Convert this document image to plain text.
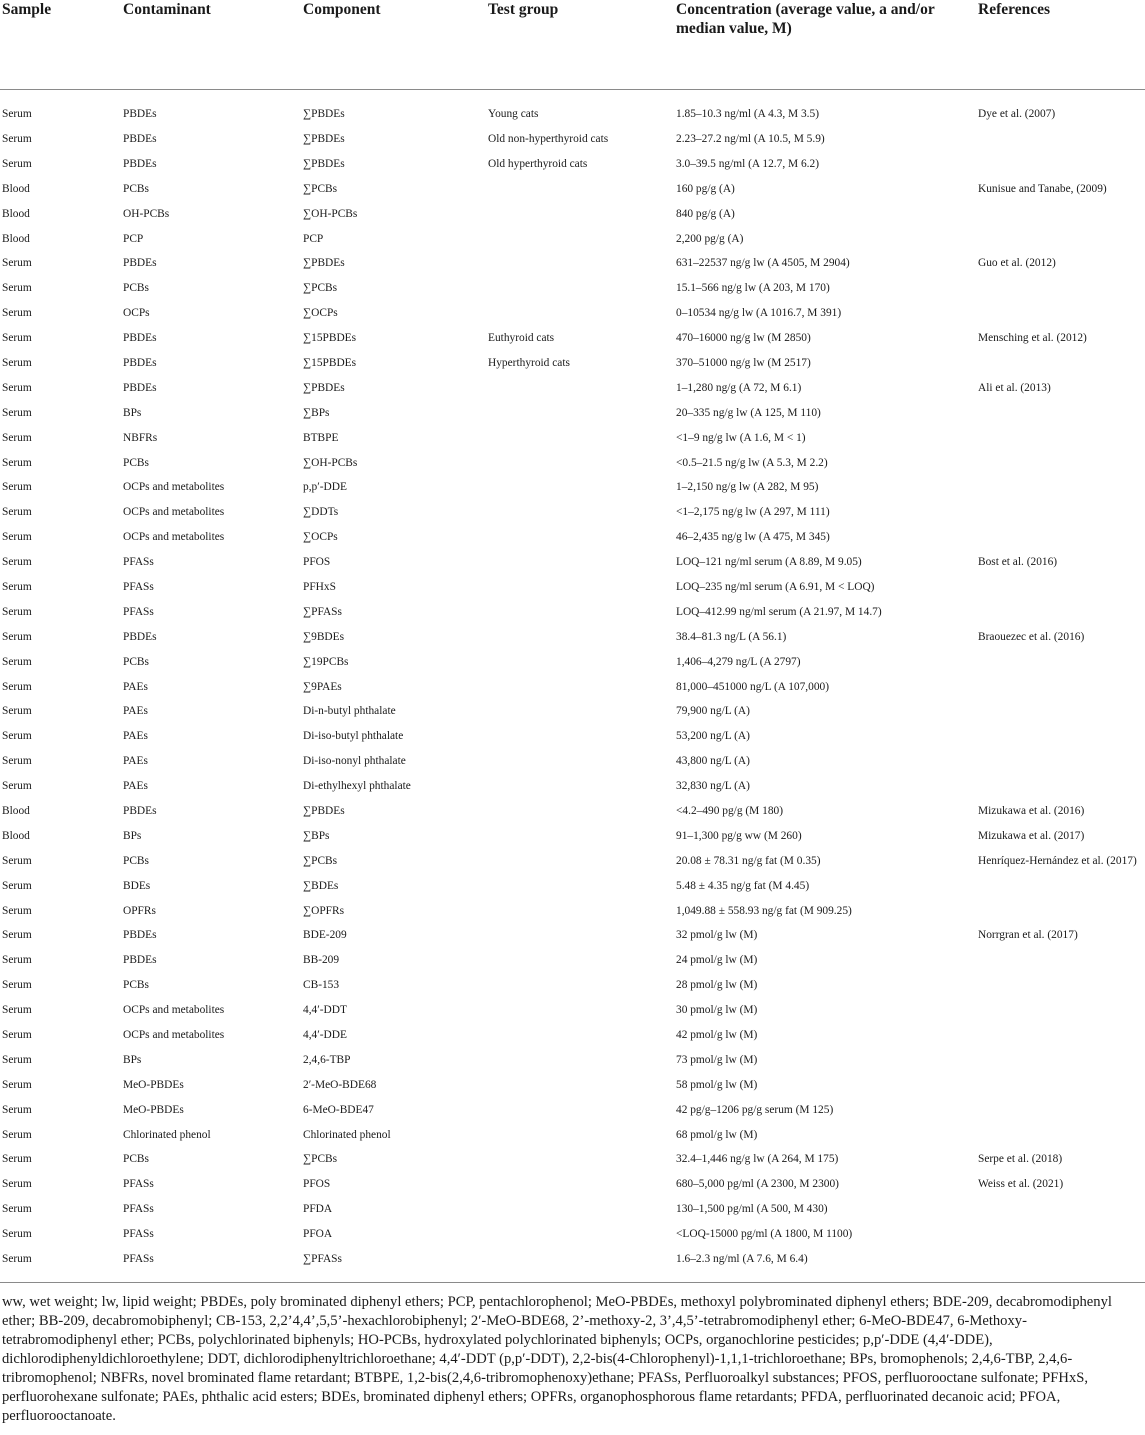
Sample	Contaminant	Component	Test group	Concentration (average value, a and/or median value, M)	References
Serum	PBDEs	∑PBDEs	Young cats	1.85–10.3 ng/ml (A 4.3, M 3.5)	Dye et al. (2007)
Serum	PBDEs	∑PBDEs	Old non-hyperthyroid cats	2.23–27.2 ng/ml (A 10.5, M 5.9)	
Serum	PBDEs	∑PBDEs	Old hyperthyroid cats	3.0–39.5 ng/ml (A 12.7, M 6.2)	
Blood	PCBs	∑PCBs		160 pg/g (A)	Kunisue and Tanabe, (2009)
Blood	OH-PCBs	∑OH-PCBs		840 pg/g (A)	
Blood	PCP	PCP		2,200 pg/g (A)	
Serum	PBDEs	∑PBDEs		631–22537 ng/g lw (A 4505, M 2904)	Guo et al. (2012)
Serum	PCBs	∑PCBs		15.1–566 ng/g lw (A 203, M 170)	
Serum	OCPs	∑OCPs		0–10534 ng/g lw (A 1016.7, M 391)	
Serum	PBDEs	∑15PBDEs	Euthyroid cats	470–16000 ng/g lw (M 2850)	Mensching et al. (2012)
Serum	PBDEs	∑15PBDEs	Hyperthyroid cats	370–51000 ng/g lw (M 2517)	
Serum	PBDEs	∑PBDEs		1–1,280 ng/g (A 72, M 6.1)	Ali et al. (2013)
Serum	BPs	∑BPs		20–335 ng/g lw (A 125, M 110)	
Serum	NBFRs	BTBPE		<1–9 ng/g lw (A 1.6, M < 1)	
Serum	PCBs	∑OH-PCBs		<0.5–21.5 ng/g lw (A 5.3, M 2.2)	
Serum	OCPs and metabolites	p,p′-DDE		1–2,150 ng/g lw (A 282, M 95)	
Serum	OCPs and metabolites	∑DDTs		<1–2,175 ng/g lw (A 297, M 111)	
Serum	OCPs and metabolites	∑OCPs		46–2,435 ng/g lw (A 475, M 345)	
Serum	PFASs	PFOS		LOQ–121 ng/ml serum (A 8.89, M 9.05)	Bost et al. (2016)
Serum	PFASs	PFHxS		LOQ–235 ng/ml serum (A 6.91, M < LOQ)	
Serum	PFASs	∑PFASs		LOQ–412.99 ng/ml serum (A 21.97, M 14.7)	
Serum	PBDEs	∑9BDEs		38.4–81.3 ng/L (A 56.1)	Braouezec et al. (2016)
Serum	PCBs	∑19PCBs		1,406–4,279 ng/L (A 2797)	
Serum	PAEs	∑9PAEs		81,000–451000 ng/L (A 107,000)	
Serum	PAEs	Di-n-butyl phthalate		79,900 ng/L (A)	
Serum	PAEs	Di-iso-butyl phthalate		53,200 ng/L (A)	
Serum	PAEs	Di-iso-nonyl phthalate		43,800 ng/L (A)	
Serum	PAEs	Di-ethylhexyl phthalate		32,830 ng/L (A)	
Blood	PBDEs	∑PBDEs		<4.2–490 pg/g (M 180)	Mizukawa et al. (2016)
Blood	BPs	∑BPs		91–1,300 pg/g ww (M 260)	Mizukawa et al. (2017)
Serum	PCBs	∑PCBs		20.08 ± 78.31 ng/g fat (M 0.35)	Henríquez-Hernández et al. (2017)
Serum	BDEs	∑BDEs		5.48 ± 4.35 ng/g fat (M 4.45)	
Serum	OPFRs	∑OPFRs		1,049.88 ± 558.93 ng/g fat (M 909.25)	
Serum	PBDEs	BDE-209		32 pmol/g lw (M)	Norrgran et al. (2017)
Serum	PBDEs	BB-209		24 pmol/g lw (M)	
Serum	PCBs	CB-153		28 pmol/g lw (M)	
Serum	OCPs and metabolites	4,4′-DDT		30 pmol/g lw (M)	
Serum	OCPs and metabolites	4,4′-DDE		42 pmol/g lw (M)	
Serum	BPs	2,4,6-TBP		73 pmol/g lw (M)	
Serum	MeO-PBDEs	2′-MeO-BDE68		58 pmol/g lw (M)	
Serum	MeO-PBDEs	6-MeO-BDE47		42 pg/g–1206 pg/g serum (M 125)	
Serum	Chlorinated phenol	Chlorinated phenol		68 pmol/g lw (M)	
Serum	PCBs	∑PCBs		32.4–1,446 ng/g lw (A 264, M 175)	Serpe et al. (2018)
Serum	PFASs	PFOS		680–5,000 pg/ml (A 2300, M 2300)	Weiss et al. (2021)
Serum	PFASs	PFDA		130–1,500 pg/ml (A 500, M 430)	
Serum	PFASs	PFOA		<LOQ-15000 pg/ml (A 1800, M 1100)	
Serum	PFASs	∑PFASs		1.6–2.3 ng/ml (A 7.6, M 6.4)	
ww, wet weight; lw, lipid weight; PBDEs, poly brominated diphenyl ethers; PCP, pentachlorophenol; MeO-PBDEs, methoxyl polybrominated diphenyl ethers; BDE-209, decabromodiphenyl ether; BB-209, decabromobiphenyl; CB-153, 2,2’4,4’,5,5’-hexachlorobiphenyl; 2′-MeO-BDE68, 2’-methoxy-2, 3’,4,5’-tetrabromodiphenyl ether; 6-MeO-BDE47, 6-Methoxy-tetrabromodiphenyl ether; PCBs, polychlorinated biphenyls; HO-PCBs, hydroxylated polychlorinated biphenyls; OCPs, organochlorine pesticides; p,p′-DDE (4,4′-DDE), dichlorodiphenyldichloroethylene; DDT, dichlorodiphenyltrichloroethane; 4,4′-DDT (p,p′-DDT), 2,2-bis(4-Chlorophenyl)-1,1,1-trichloroethane; BPs, bromophenols; 2,4,6-TBP, 2,4,6-tribromophenol; NBFRs, novel brominated flame retardant; BTBPE, 1,2-bis(2,4,6-tribromophenoxy)ethane; PFASs, Perfluoroalkyl substances; PFOS, perfluorooctane sulfonate; PFHxS, perfluorohexane sulfonate; PAEs, phthalic acid esters; BDEs, brominated diphenyl ethers; OPFRs, organophosphorous flame retardants; PFDA, perfluorinated decanoic acid; PFOA, perfluorooctanoate.
